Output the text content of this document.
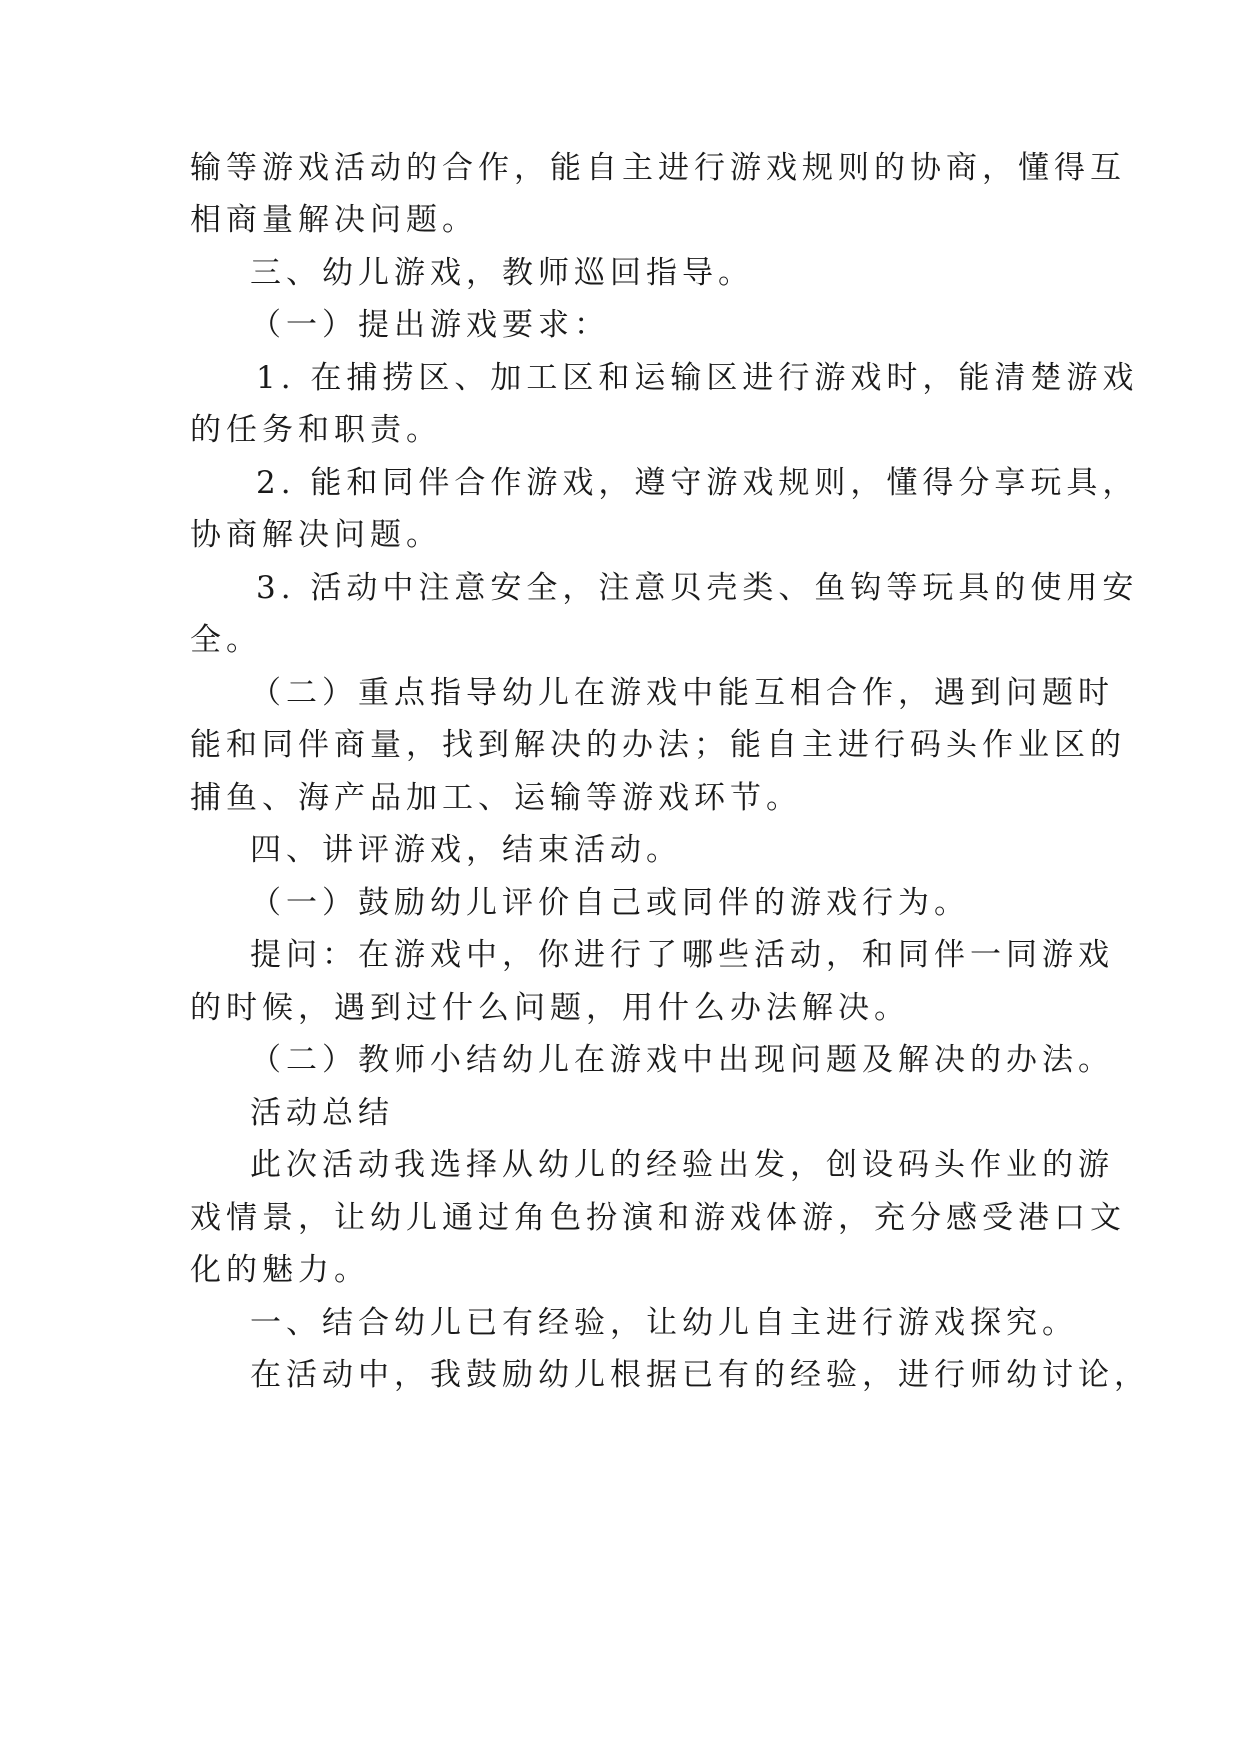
输等游戏活动的合作，能自主进行游戏规则的协商，懂得互
相商量解决问题。
三、幼儿游戏，教师巡回指导。
（一）提出游戏要求：
1. 在捕捞区、加工区和运输区进行游戏时，能清楚游戏
的任务和职责。
2. 能和同伴合作游戏，遵守游戏规则，懂得分享玩具，
协商解决问题。
3. 活动中注意安全，注意贝壳类、鱼钩等玩具的使用安
全。
（二）重点指导幼儿在游戏中能互相合作，遇到问题时
能和同伴商量，找到解决的办法；能自主进行码头作业区的
捕鱼、海产品加工、运输等游戏环节。
四、讲评游戏，结束活动。
（一）鼓励幼儿评价自己或同伴的游戏行为。
提问：在游戏中，你进行了哪些活动，和同伴一同游戏
的时候，遇到过什么问题，用什么办法解决。
（二）教师小结幼儿在游戏中出现问题及解决的办法。
活动总结
此次活动我选择从幼儿的经验出发，创设码头作业的游
戏情景，让幼儿通过角色扮演和游戏体游，充分感受港口文
化的魅力。
一、结合幼儿已有经验，让幼儿自主进行游戏探究。
在活动中，我鼓励幼儿根据已有的经验，进行师幼讨论，
